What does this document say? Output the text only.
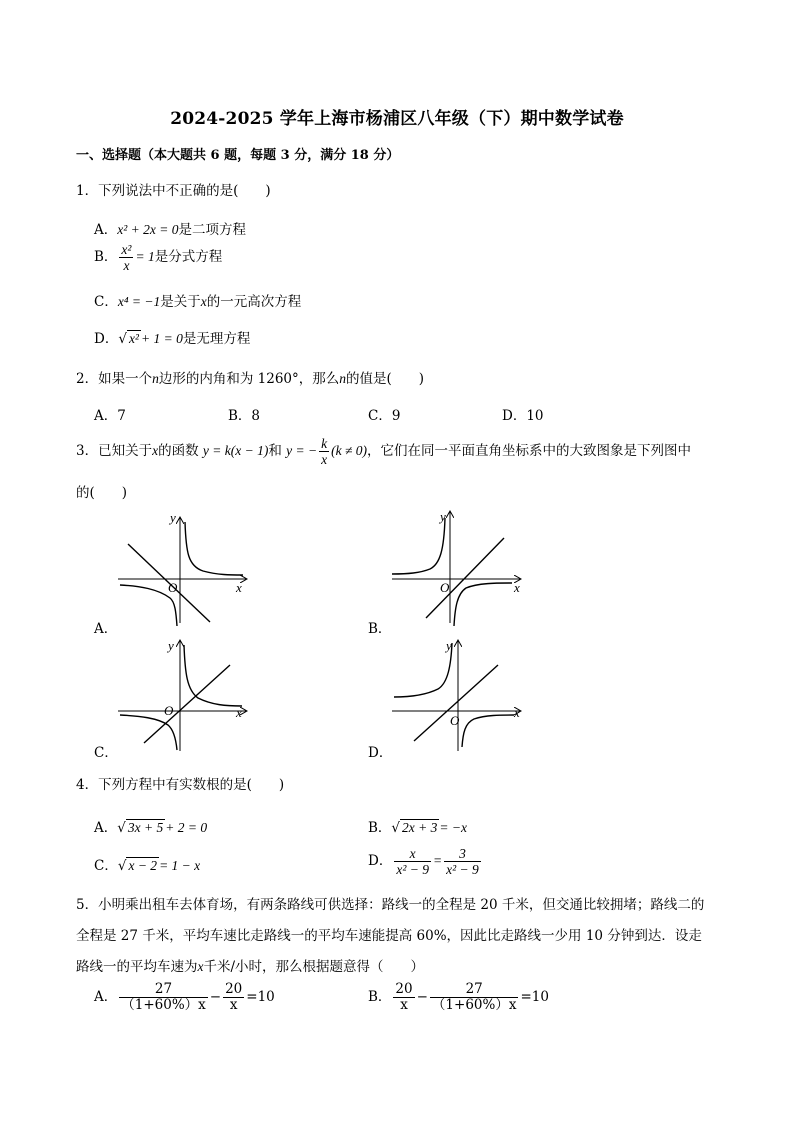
2024-2025 学年上海市杨浦区八年级（下）期中数学试卷
一、选择题（本大题共 6 题，每题 3 分，满分 18 分）
1．下列说法中不正确的是(　　)
A．x² + 2x = 0是二项方程
B． $\frac{\text{x²}}{x} = 1$是分式方程
C．x⁴ = −1是关于x的一元高次方程
D．√ x² + 1 = 0是无理方程
2．如果一个n边形的内角和为 1260°，那么n的值是(　　)
A．7	B．8	C．9	D．10
3．已知关于x的函数 y = k(x − 1)和 y = − $\frac{k}{x} (k \ne 0)$，它们在同一平面直角坐标系中的大致图象是下列图中
的(　　)
O	x
y
A．
O	x
y
B．
O	x
y
C．
O
x
y
D．
4．下列方程中有实数根的是(　　)
A．√ 3x + 5 + 2 = 0	B．√ 2x + 3 = −x
C．√ x − 2 = 1 − x	D． $\frac{x}{\text{x² − 9}} = \frac{3}{\text{x² − 9}}$
5．小明乘出租车去体育场，有两条路线可供选择：路线一的全程是 20 千米，但交通比较拥堵；路线二的
全程是 27 千米，平均车速比走路线一的平均车速能提高 60%，因此比走路线一少用 10 分钟到达．设走
路线一的平均车速为x千米/小时，那么根据题意得（　　）
A． $\frac{27}{(1+60\%)x} - \frac{20}{x} =10$	B． $\frac{20}{x} - \frac{27}{(1+60\%)x} =10$
